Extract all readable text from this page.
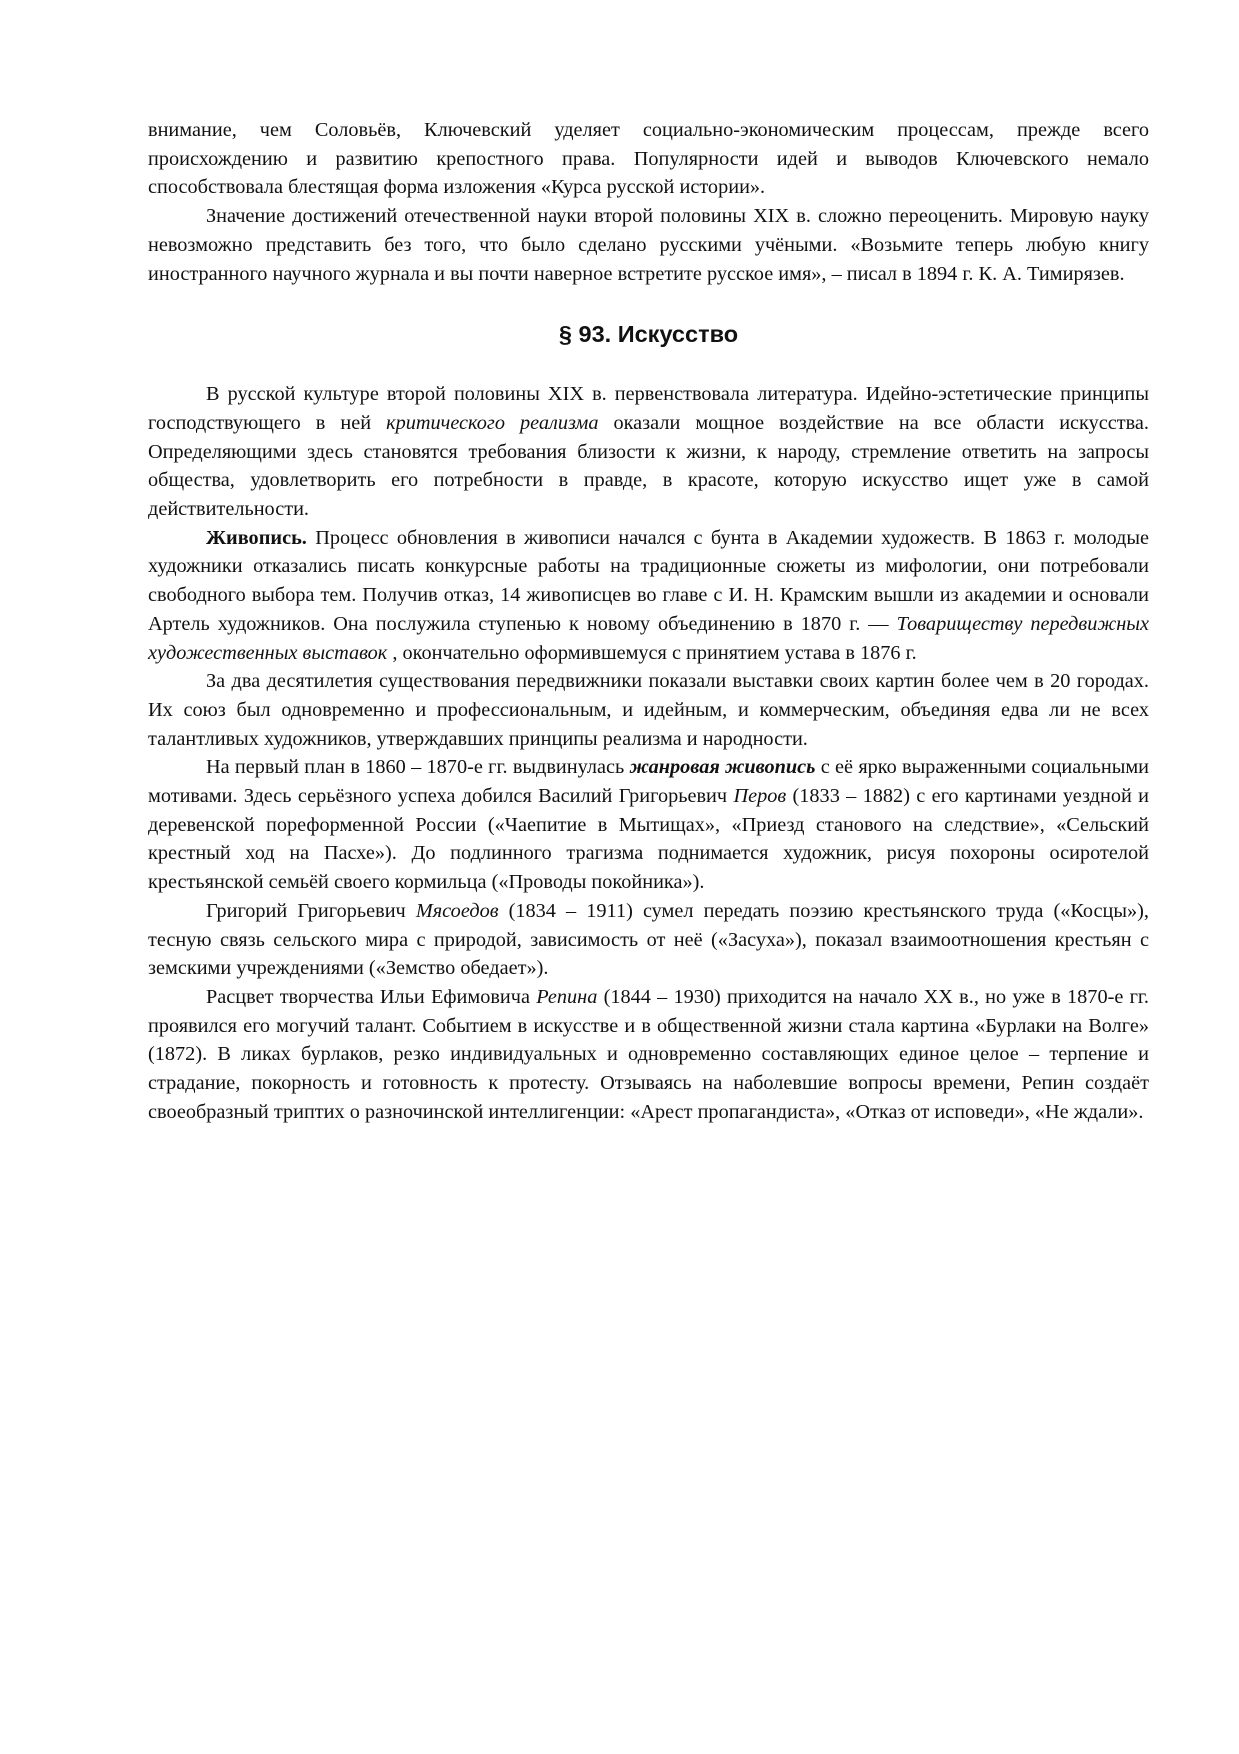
внимание, чем Соловьёв, Ключевский уделяет социально-экономическим процессам, прежде всего происхождению и развитию крепостного права. Популярности идей и выводов Ключевского немало способствовала блестящая форма изложения «Курса русской истории».

Значение достижений отечественной науки второй половины XIX в. сложно переоценить. Мировую науку невозможно представить без того, что было сделано русскими учёными. «Возьмите теперь любую книгу иностранного научного журнала и вы почти наверное встретите русское имя», – писал в 1894 г. К. А. Тимирязев.

§ 93. Искусство

В русской культуре второй половины XIX в. первенствовала литература. Идейно-эстетические принципы господствующего в ней критического реализма оказали мощное воздействие на все области искусства. Определяющими здесь становятся требования близости к жизни, к народу, стремление ответить на запросы общества, удовлетворить его потребности в правде, в красоте, которую искусство ищет уже в самой действительности.

Живопись. Процесс обновления в живописи начался с бунта в Академии художеств. В 1863 г. молодые художники отказались писать конкурсные работы на традиционные сюжеты из мифологии, они потребовали свободного выбора тем. Получив отказ, 14 живописцев во главе с И. Н. Крамским вышли из академии и основали Артель художников. Она послужила ступенью к новому объединению в 1870 г. — Товариществу передвижных художественных выставок , окончательно оформившемуся с принятием устава в 1876 г.

За два десятилетия существования передвижники показали выставки своих картин более чем в 20 городах. Их союз был одновременно и профессиональным, и идейным, и коммерческим, объединяя едва ли не всех талантливых художников, утверждавших принципы реализма и народности.

На первый план в 1860 – 1870-е гг. выдвинулась жанровая живопись с её ярко выраженными социальными мотивами. Здесь серьёзного успеха добился Василий Григорьевич Перов (1833 – 1882) с его картинами уездной и деревенской пореформенной России («Чаепитие в Мытищах», «Приезд станового на следствие», «Сельский крестный ход на Пасхе»). До подлинного трагизма поднимается художник, рисуя похороны осиротелой крестьянской семьёй своего кормильца («Проводы покойника»).

Григорий Григорьевич Мясоедов (1834 – 1911) сумел передать поэзию крестьянского труда («Косцы»), тесную связь сельского мира с природой, зависимость от неё («Засуха»), показал взаимоотношения крестьян с земскими учреждениями («Земство обедает»).

Расцвет творчества Ильи Ефимовича Репина (1844 – 1930) приходится на начало XX в., но уже в 1870-е гг. проявился его могучий талант. Событием в искусстве и в общественной жизни стала картина «Бурлаки на Волге» (1872). В ликах бурлаков, резко индивидуальных и одновременно составляющих единое целое – терпение и страдание, покорность и готовность к протесту. Отзываясь на наболевшие вопросы времени, Репин создаёт своеобразный триптих о разночинской интеллигенции: «Арест пропагандиста», «Отказ от исповеди», «Не ждали».
